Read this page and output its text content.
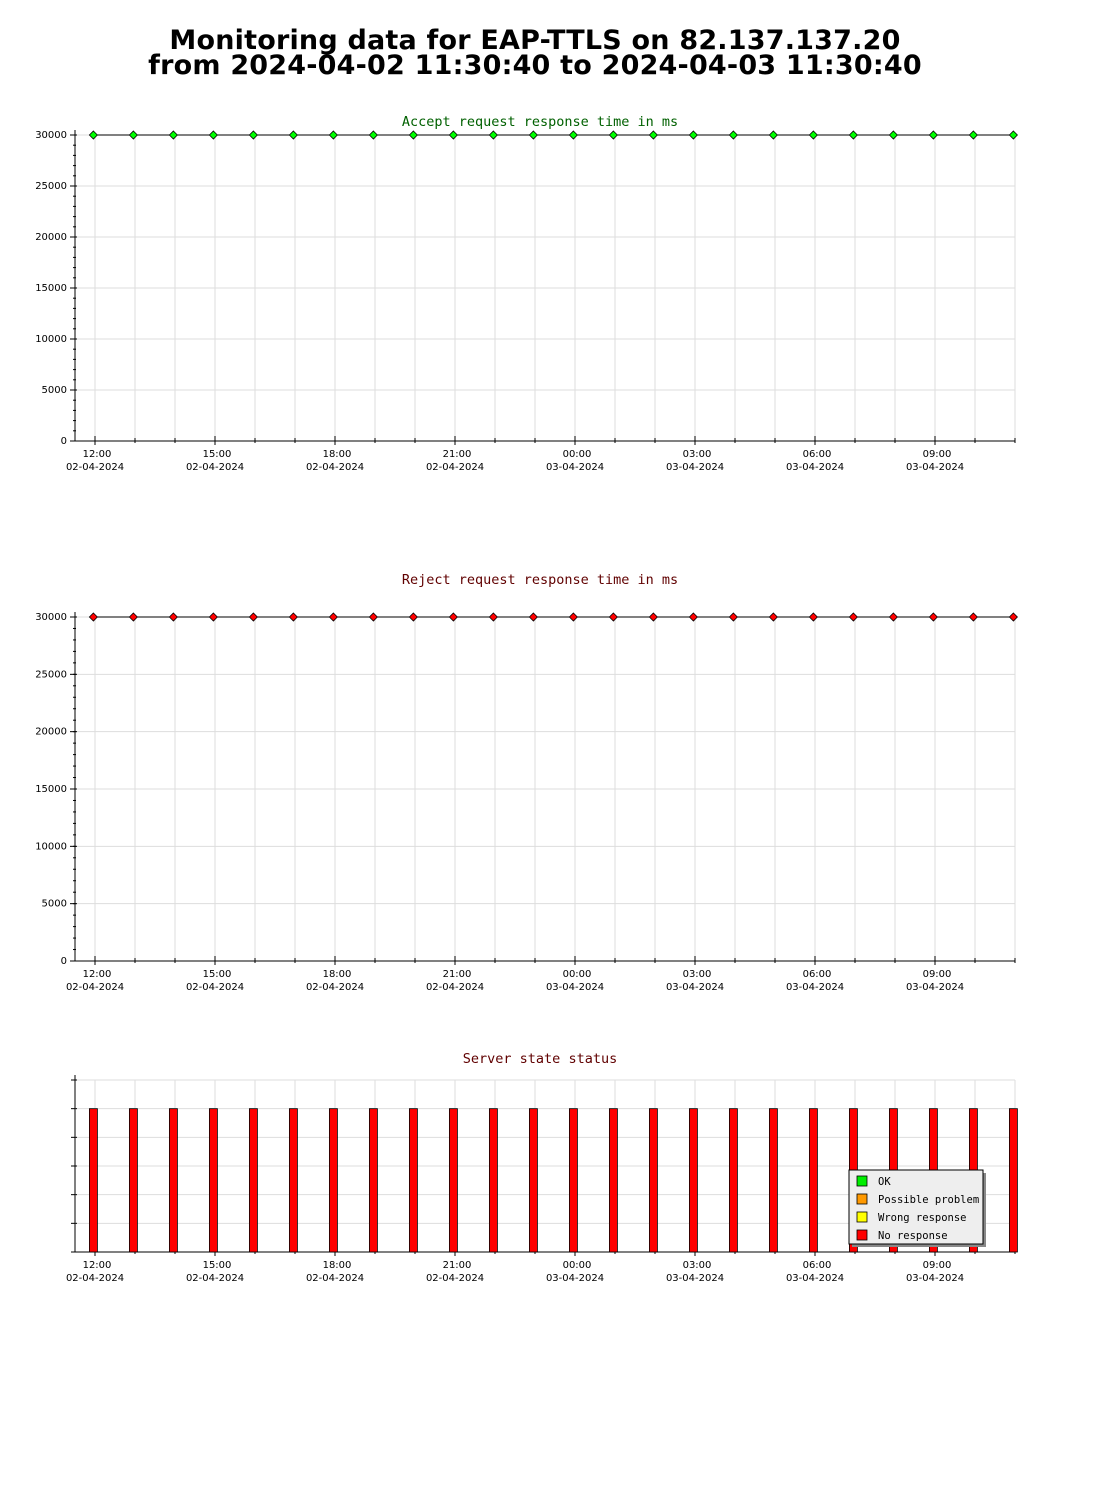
Monitoring data for EAP-TTLS on 82.137.137.20
from 2024-04-02 11:30:40 to 2024-04-03 11:30:40
Accept request response time in ms
12:00
02-04-2024
15:00
02-04-2024
18:00
02-04-2024
21:00
02-04-2024
00:00
03-04-2024
03:00
03-04-2024
06:00
03-04-2024
09:00
03-04-2024
0
5000
10000
15000
20000
25000
30000
Reject request response time in ms
12:00
02-04-2024
15:00
02-04-2024
18:00
02-04-2024
21:00
02-04-2024
00:00
03-04-2024
03:00
03-04-2024
06:00
03-04-2024
09:00
03-04-2024
0
5000
10000
15000
20000
25000
30000
Server state status
12:00
02-04-2024
15:00
02-04-2024
18:00
02-04-2024
21:00
02-04-2024
00:00
03-04-2024
03:00
03-04-2024
06:00
03-04-2024
09:00
03-04-2024
OK
Possible problem
Wrong response
No response
